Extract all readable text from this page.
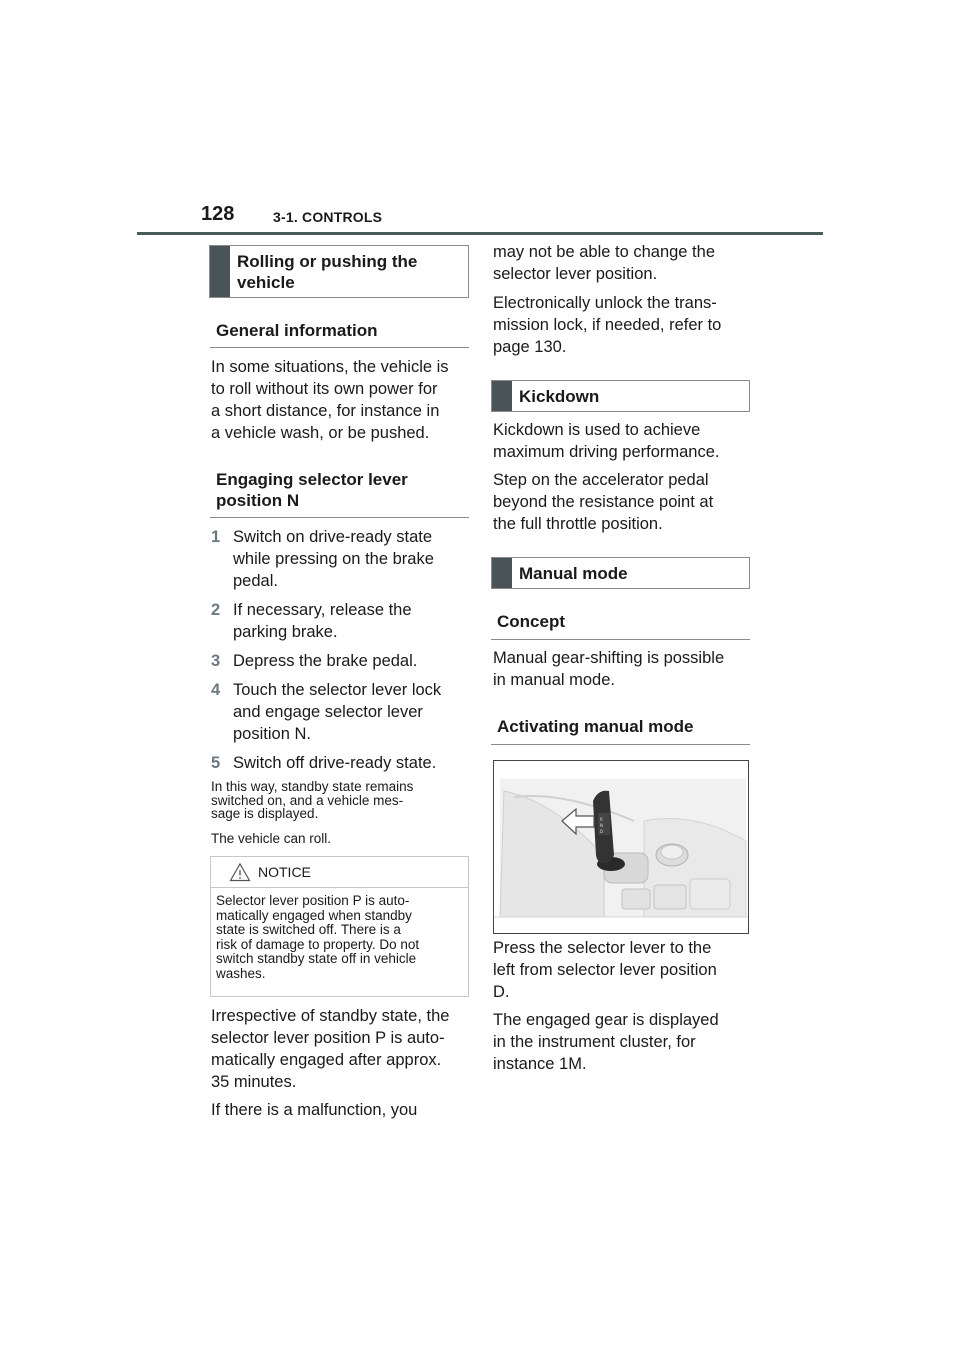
128	3-1. CONTROLS
Rolling or pushing the
vehicle
General information
In some situations, the vehicle is
to roll without its own power for
a short distance, for instance in
a vehicle wash, or be pushed.
Engaging selector lever
position N
1 Switch on drive-ready state
while pressing on the brake
pedal.
2 If necessary, release the
parking brake.
3 Depress the brake pedal.
4 Touch the selector lever lock
and engage selector lever
position N.
5 Switch off drive-ready state.
In this way, standby state remains
switched on, and a vehicle mes-
sage is displayed.
The vehicle can roll.
NOTICE
Selector lever position P is auto-
matically engaged when standby
state is switched off. There is a
risk of damage to property. Do not
switch standby state off in vehicle
washes.
Irrespective of standby state, the
selector lever position P is auto-
matically engaged after approx.
35 minutes.
If there is a malfunction, you
may not be able to change the
selector lever position.
Electronically unlock the trans-
mission lock, if needed, refer to
page 130.
Kickdown
Kickdown is used to achieve
maximum driving performance.
Step on the accelerator pedal
beyond the resistance point at
the full throttle position.
Manual mode
Concept
Manual gear-shifting is possible
in manual mode.
Activating manual mode
R
N
D
Press the selector lever to the
left from selector lever position
D.
The engaged gear is displayed
in the instrument cluster, for
instance 1M.
